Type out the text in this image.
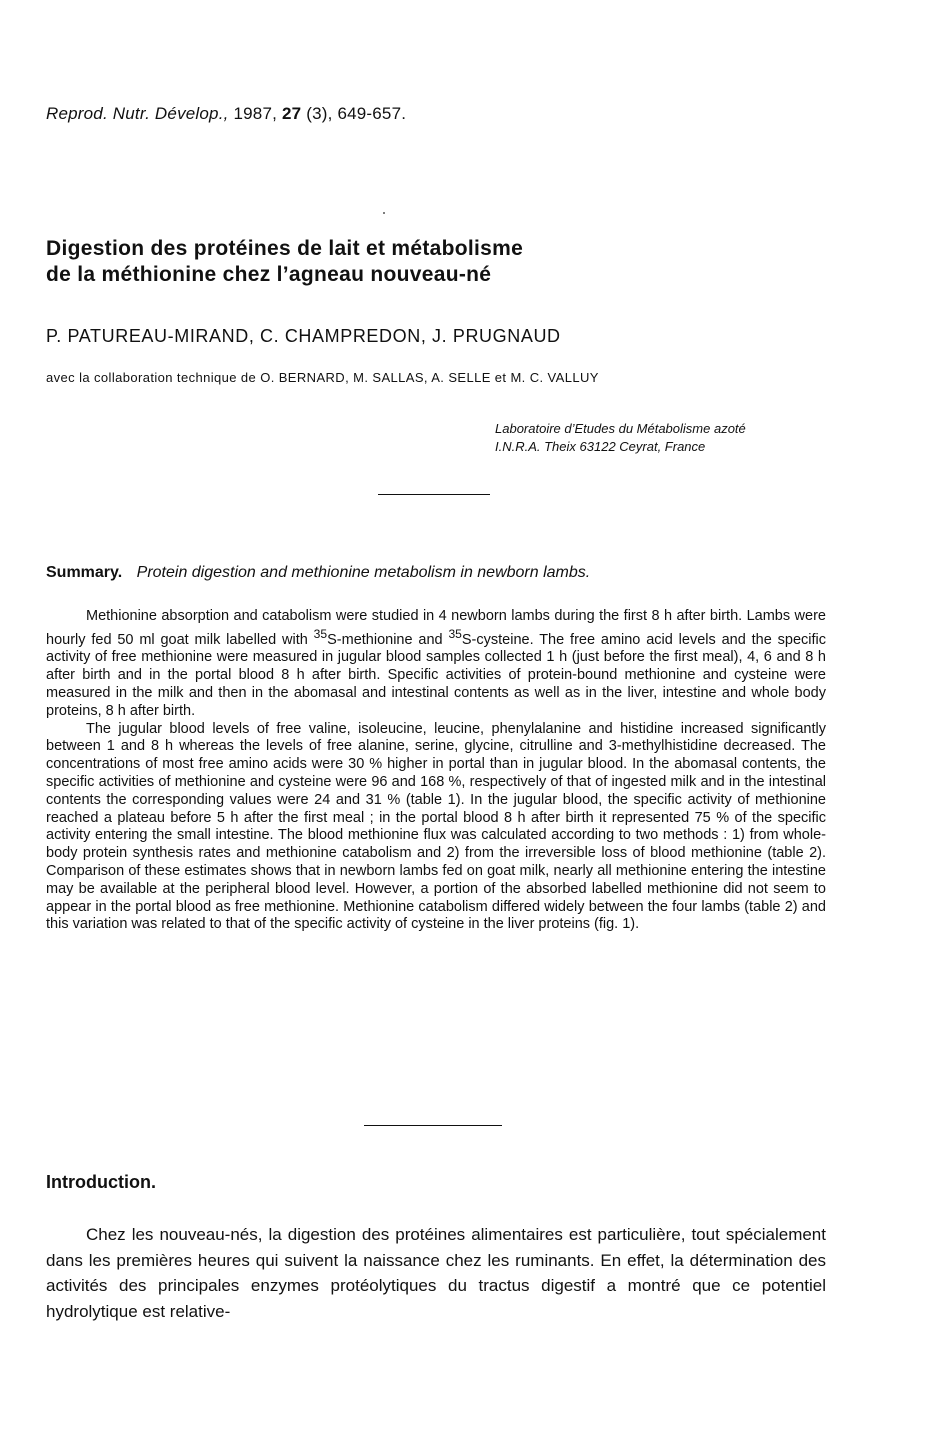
Reprod. Nutr. Dévelop., 1987, 27 (3), 649-657.
Digestion des protéines de lait et métabolisme
de la méthionine chez l’agneau nouveau-né
P. PATUREAU-MIRAND, C. CHAMPREDON, J. PRUGNAUD
avec la collaboration technique de O. BERNARD, M. SALLAS, A. SELLE et M. C. VALLUY
Laboratoire d’Etudes du Métabolisme azoté
I.N.R.A. Theix 63122 Ceyrat, France
Summary. Protein digestion and methionine metabolism in newborn lambs.

Methionine absorption and catabolism were studied in 4 newborn lambs during the first 8 h after birth. Lambs were hourly fed 50 ml goat milk labelled with $^{35}$S-methionine and $^{35}$S-cysteine. The free amino acid levels and the specific activity of free methionine were measured in jugular blood samples collected 1 h (just before the first meal), 4, 6 and 8 h after birth and in the portal blood 8 h after birth. Specific activities of protein-bound methionine and cysteine were measured in the milk and then in the abomasal and intestinal contents as well as in the liver, intestine and whole body proteins, 8 h after birth.

The jugular blood levels of free valine, isoleucine, leucine, phenylalanine and histidine increased significantly between 1 and 8 h whereas the levels of free alanine, serine, glycine, citrulline and 3-methylhistidine decreased. The concentrations of most free amino acids were 30 % higher in portal than in jugular blood. In the abomasal contents, the specific activities of methionine and cysteine were 96 and 168 %, respectively of that of ingested milk and in the intestinal contents the corresponding values were 24 and 31 % (table 1). In the jugular blood, the specific activity of methionine reached a plateau before 5 h after the first meal ; in the portal blood 8 h after birth it represented 75 % of the specific activity entering the small intestine. The blood methionine flux was calculated according to two methods : 1) from whole-body protein synthesis rates and methionine catabolism and 2) from the irreversible loss of blood methionine (table 2). Comparison of these estimates shows that in newborn lambs fed on goat milk, nearly all methionine entering the intestine may be available at the peripheral blood level. However, a portion of the absorbed labelled methionine did not seem to appear in the portal blood as free methionine. Methionine catabolism differed widely between the four lambs (table 2) and this variation was related to that of the specific activity of cysteine in the liver proteins (fig. 1).

Introduction.

Chez les nouveau-nés, la digestion des protéines alimentaires est particulière, tout spécialement dans les premières heures qui suivent la naissance chez les ruminants. En effet, la détermination des activités des principales enzymes protéolytiques du tractus digestif a montré que ce potentiel hydrolytique est relative-
